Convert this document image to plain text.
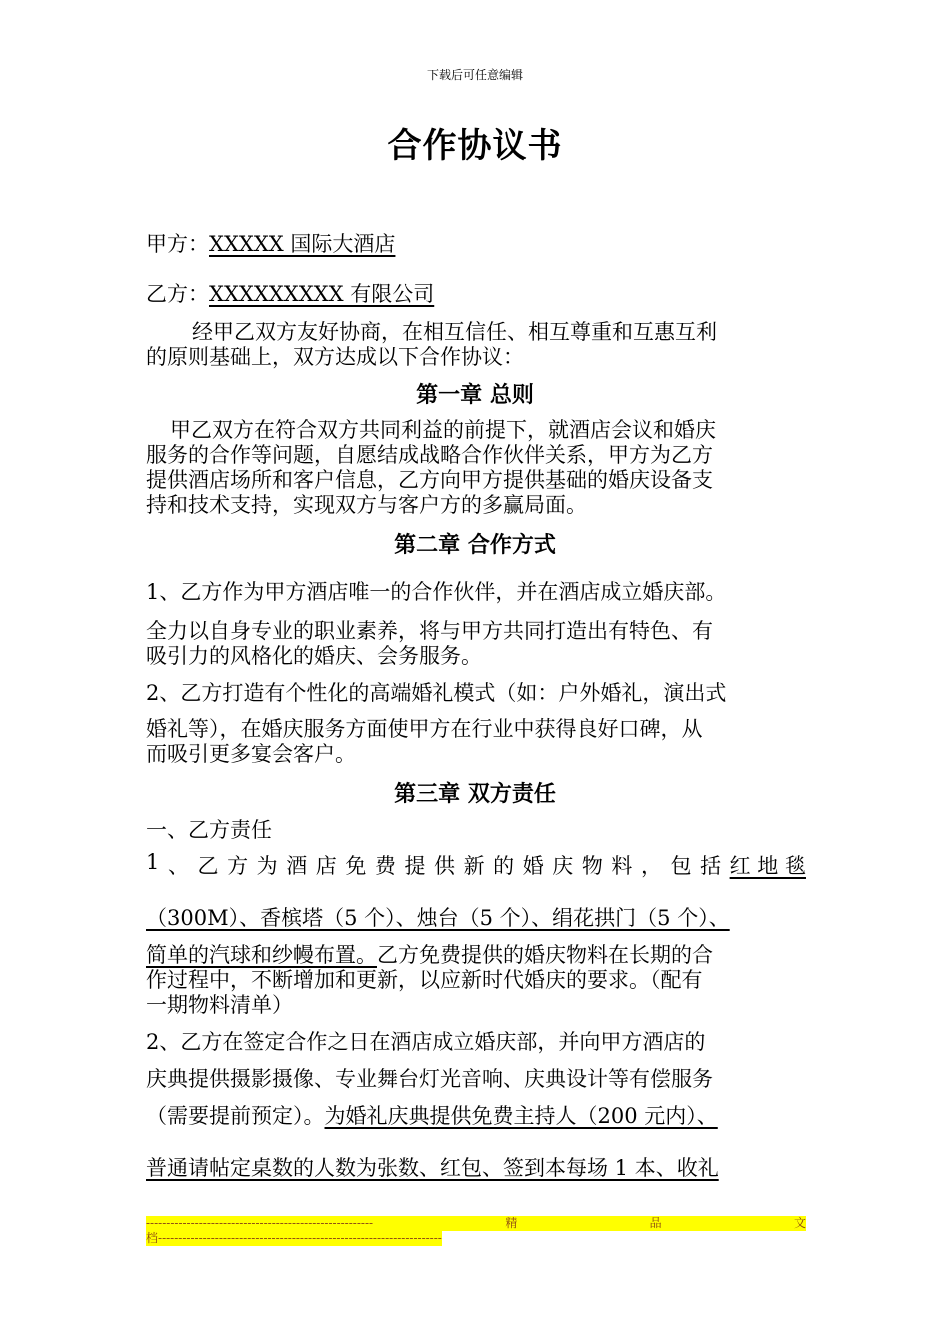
下载后可任意编辑
合作协议书
甲方：XXXXX 国际大酒店
乙方：XXXXXXXXX 有限公司
经甲乙双方友好协商，在相互信任、相互尊重和互惠互利
的原则基础上，双方达成以下合作协议：
第一章 总则
甲乙双方在符合双方共同利益的前提下，就酒店会议和婚庆
服务的合作等问题，自愿结成战略合作伙伴关系，甲方为乙方
提供酒店场所和客户信息，乙方向甲方提供基础的婚庆设备支
持和技术支持，实现双方与客户方的多赢局面。
第二章 合作方式
1、乙方作为甲方酒店唯一的合作伙伴，并在酒店成立婚庆部。
全力以自身专业的职业素养，将与甲方共同打造出有特色、有
吸引力的风格化的婚庆、会务服务。
2、乙方打造有个性化的高端婚礼模式（如：户外婚礼，演出式
婚礼等），在婚庆服务方面使甲方在行业中获得良好口碑，从
而吸引更多宴会客户。
第三章 双方责任
一、乙方责任
1 、 乙 方 为 酒 店 免 费 提 供 新 的 婚 庆 物 料 ， 包 括 红 地 毯
（300M）、香槟塔（5 个）、烛台（5 个）、绢花拱门（5 个）、
简单的汽球和纱幔布置。乙方免费提供的婚庆物料在长期的合
作过程中，不断增加和更新，以应新时代婚庆的要求。（配有
一期物料清单）
2、乙方在签定合作之日在酒店成立婚庆部，并向甲方酒店的
庆典提供摄影摄像、专业舞台灯光音响、庆典设计等有偿服务
（需要提前预定）。为婚礼庆典提供免费主持人（200 元内）、
普通请帖定桌数的人数为张数、红包、签到本每场 1 本、收礼
--------------------------------------------------------	精	品	文
档----------------------------------------------------------------------
